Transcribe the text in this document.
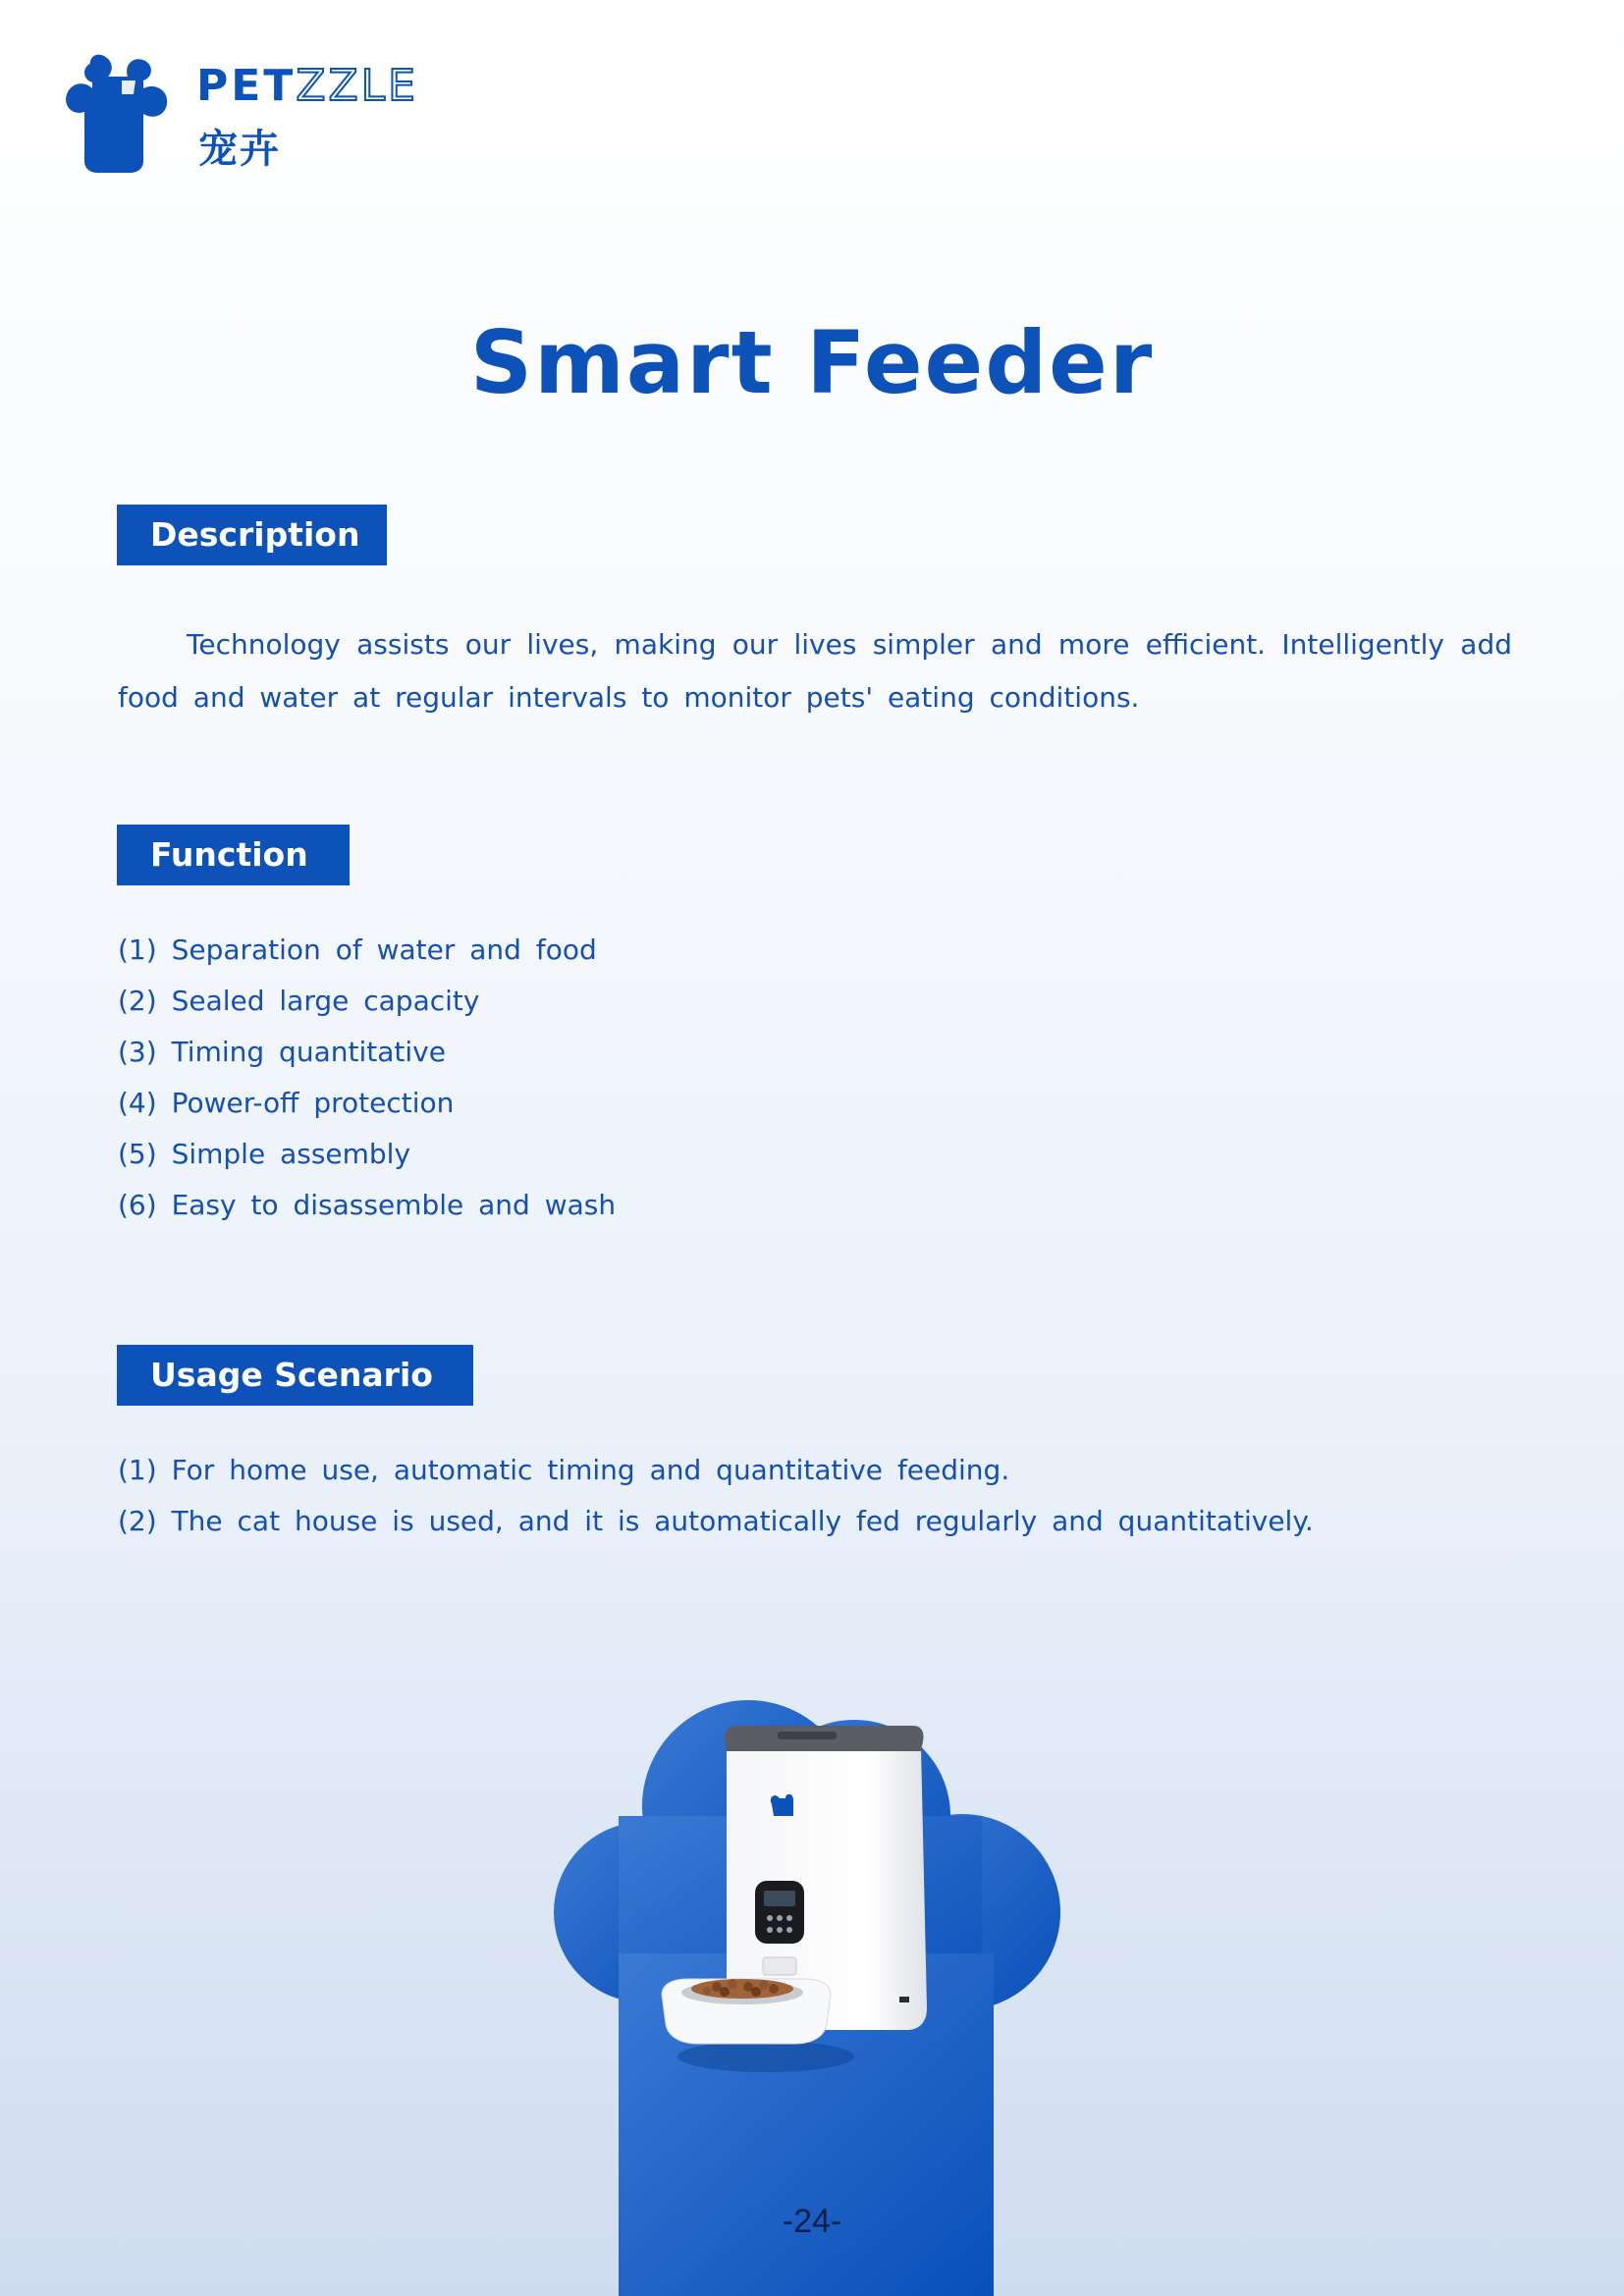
PETZZLE
宠卉
Smart Feeder
Description

Technology assists our lives, making our lives simpler and more efficient. Intelligently add food and water at regular intervals to monitor pets' eating conditions.

Function
(1) Separation of water and food
(2) Sealed large capacity
(3) Timing quantitative
(4) Power-off protection
(5) Simple assembly
(6) Easy to disassemble and wash
Usage Scenario
(1) For home use, automatic timing and quantitative feeding.
(2) The cat house is used, and it is automatically fed regularly and quantitatively.
-24-
